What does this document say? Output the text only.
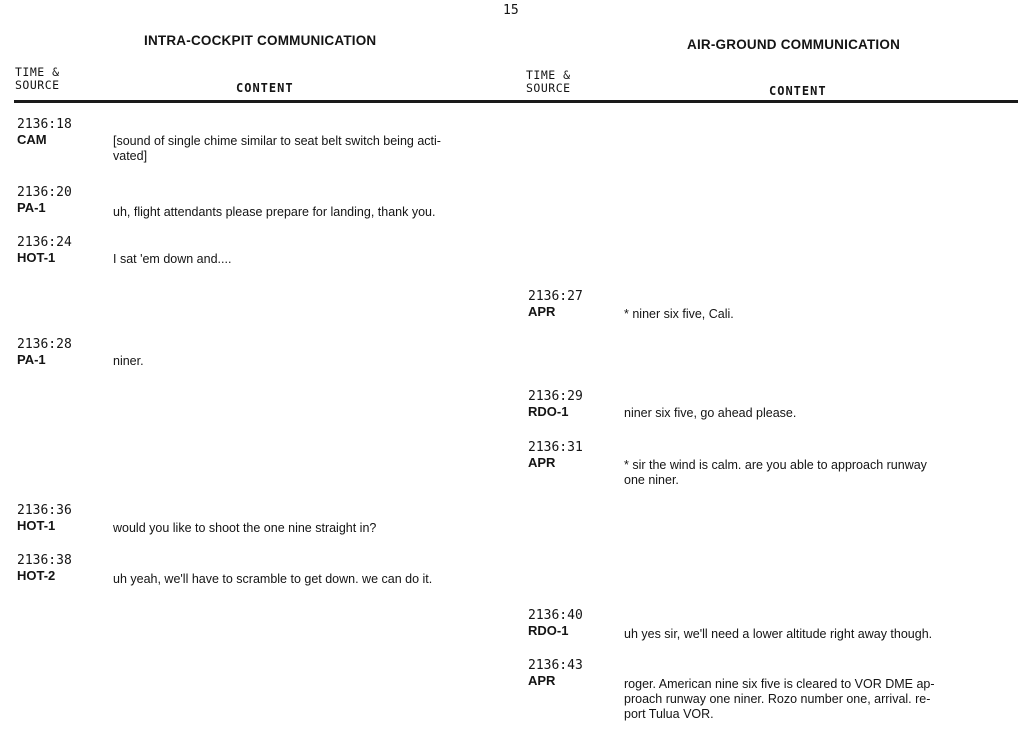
15
INTRA-COCKPIT COMMUNICATION	AIR-GROUND COMMUNICATION
TIME &
SOURCE	CONTENT
TIME &
SOURCE	CONTENT
2136:18
CAM	[sound of single chime similar to seat belt switch being acti-
vated]
2136:20
PA-1	uh, flight attendants please prepare for landing, thank you.
2136:24
HOT-1	I sat 'em down and....
2136:27
APR	* niner six five, Cali.
2136:28
PA-1	niner.
2136:29
RDO-1	niner six five, go ahead please.
2136:31
APR	* sir the wind is calm. are you able to approach runway
one niner.
2136:36
HOT-1	would you like to shoot the one nine straight in?
2136:38
HOT-2	uh yeah, we'll have to scramble to get down. we can do it.
2136:40
RDO-1	uh yes sir, we'll need a lower altitude right away though.
2136:43
APR	roger. American nine six five is cleared to VOR DME ap-
proach runway one niner. Rozo number one, arrival. re-
port Tulua VOR.
